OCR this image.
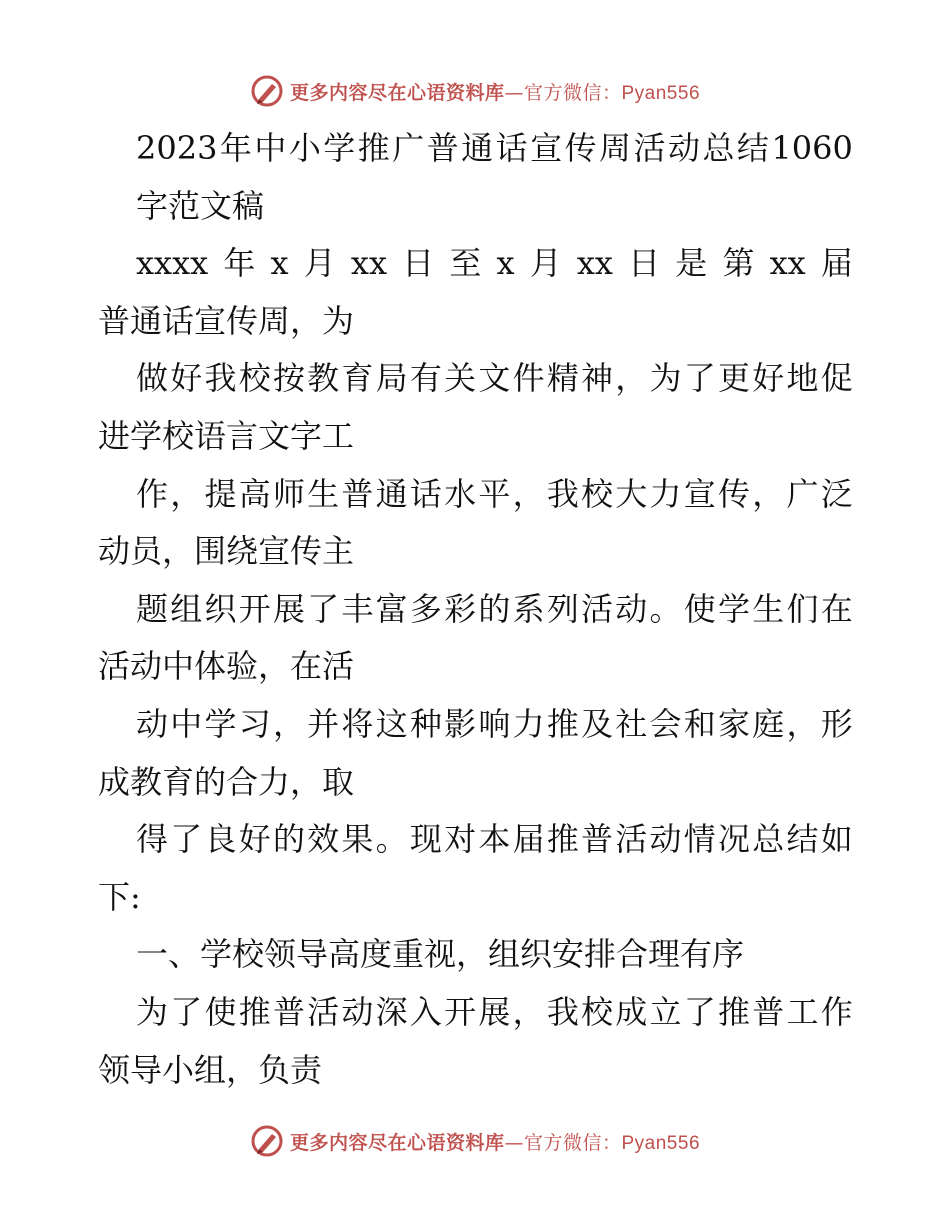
更多内容尽在心语资料库—官方微信：Pyan556
2023 年 中 小 学 推 广 普 通 话 宣 传 周 活 动 总 结 1060
字范文稿
xxxx 年 x 月 xx 日 至 x 月 xx 日 是 第 xx 届
普通话宣传周，为
做 好 我 校 按 教 育 局 有 关 文 件 精 神 ， 为 了 更 好 地 促
进学校语言文字工
作 ， 提 高 师 生 普 通 话 水 平 ， 我 校 大 力 宣 传 ， 广 泛
动员，围绕宣传主
题 组 织 开 展 了 丰 富 多 彩 的 系 列 活 动 。 使 学 生 们 在
活动中体验，在活
动 中 学 习 ， 并 将 这 种 影 响 力 推 及 社 会 和 家 庭 ， 形
成教育的合力，取
得 了 良 好 的 效 果 。 现 对 本 届 推 普 活 动 情 况 总 结 如
下:
一、学校领导高度重视，组织安排合理有序
为 了 使 推 普 活 动 深 入 开 展 ， 我 校 成 立 了 推 普 工 作
领导小组，负责
更多内容尽在心语资料库—官方微信：Pyan556
